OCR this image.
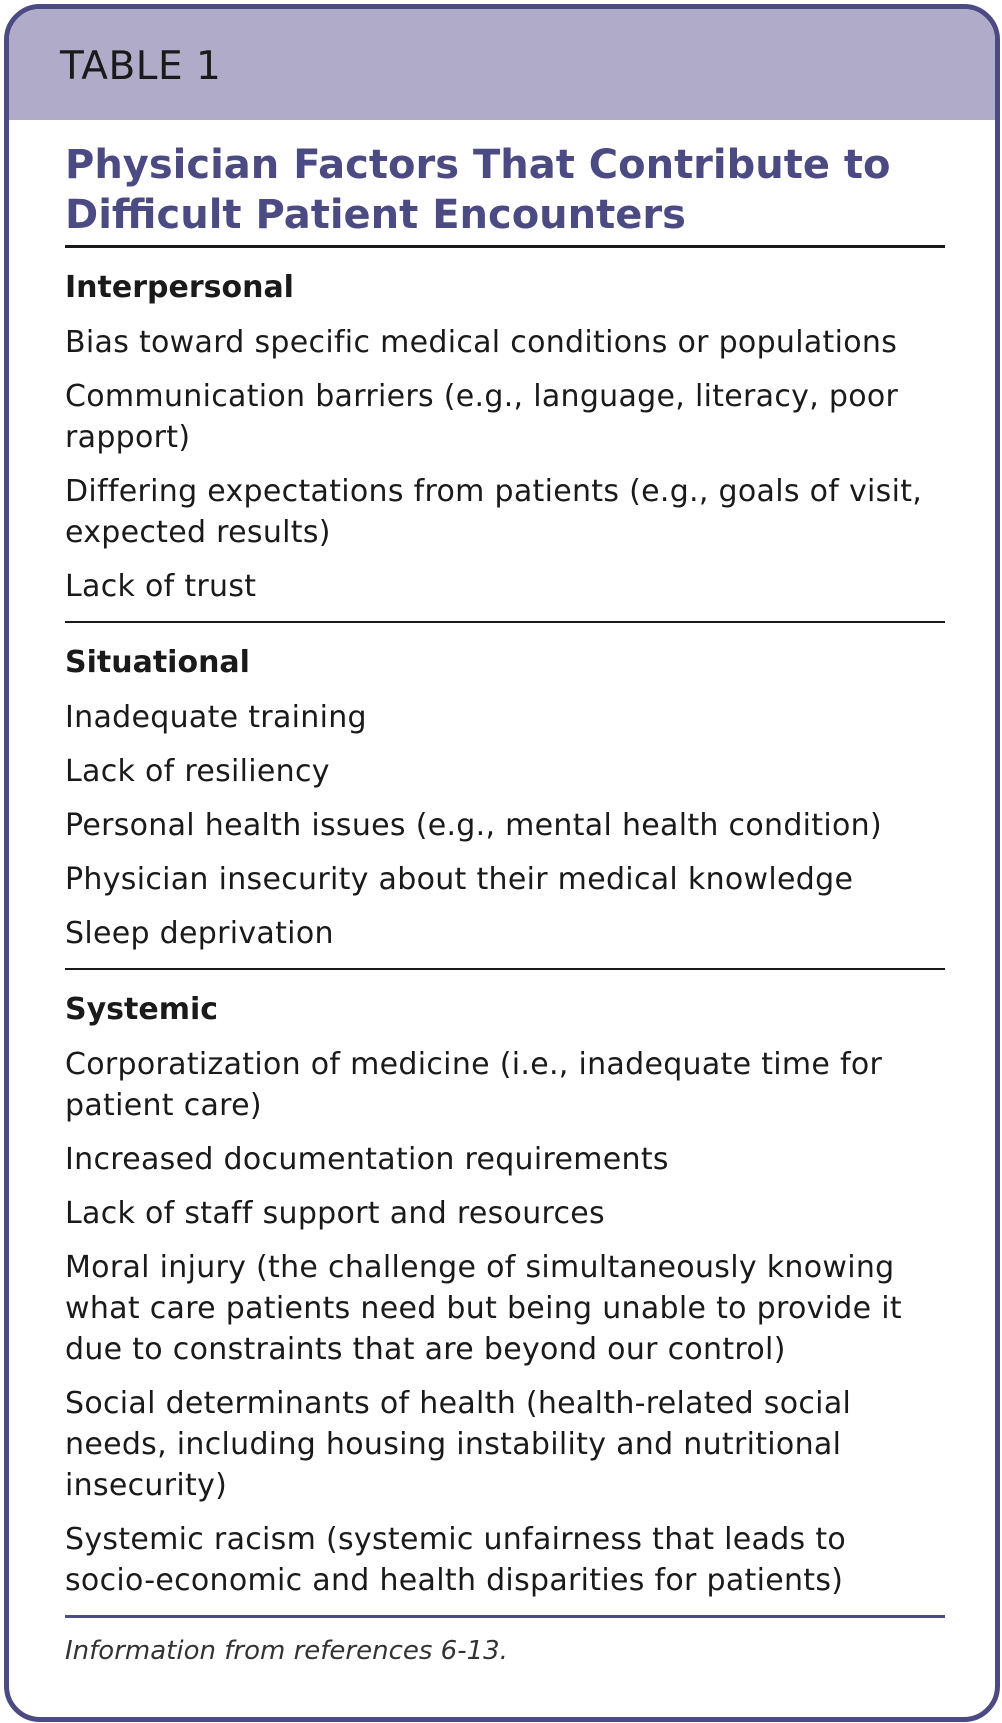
TABLE 1
Physician Factors That Contribute to Difficult Patient Encounters
Interpersonal
Bias toward specific medical conditions or populations
Communication barriers (e.g., language, literacy, poor rapport)
Differing expectations from patients (e.g., goals of visit, expected results)
Lack of trust
Situational
Inadequate training
Lack of resiliency
Personal health issues (e.g., mental health condition)
Physician insecurity about their medical knowledge
Sleep deprivation
Systemic
Corporatization of medicine (i.e., inadequate time for patient care)
Increased documentation requirements
Lack of staff support and resources
Moral injury (the challenge of simultaneously knowing what care patients need but being unable to provide it due to constraints that are beyond our control)
Social determinants of health (health-related social needs, including housing instability and nutritional insecurity)
Systemic racism (systemic unfairness that leads to socio-economic and health disparities for patients)
Information from references 6-13.
